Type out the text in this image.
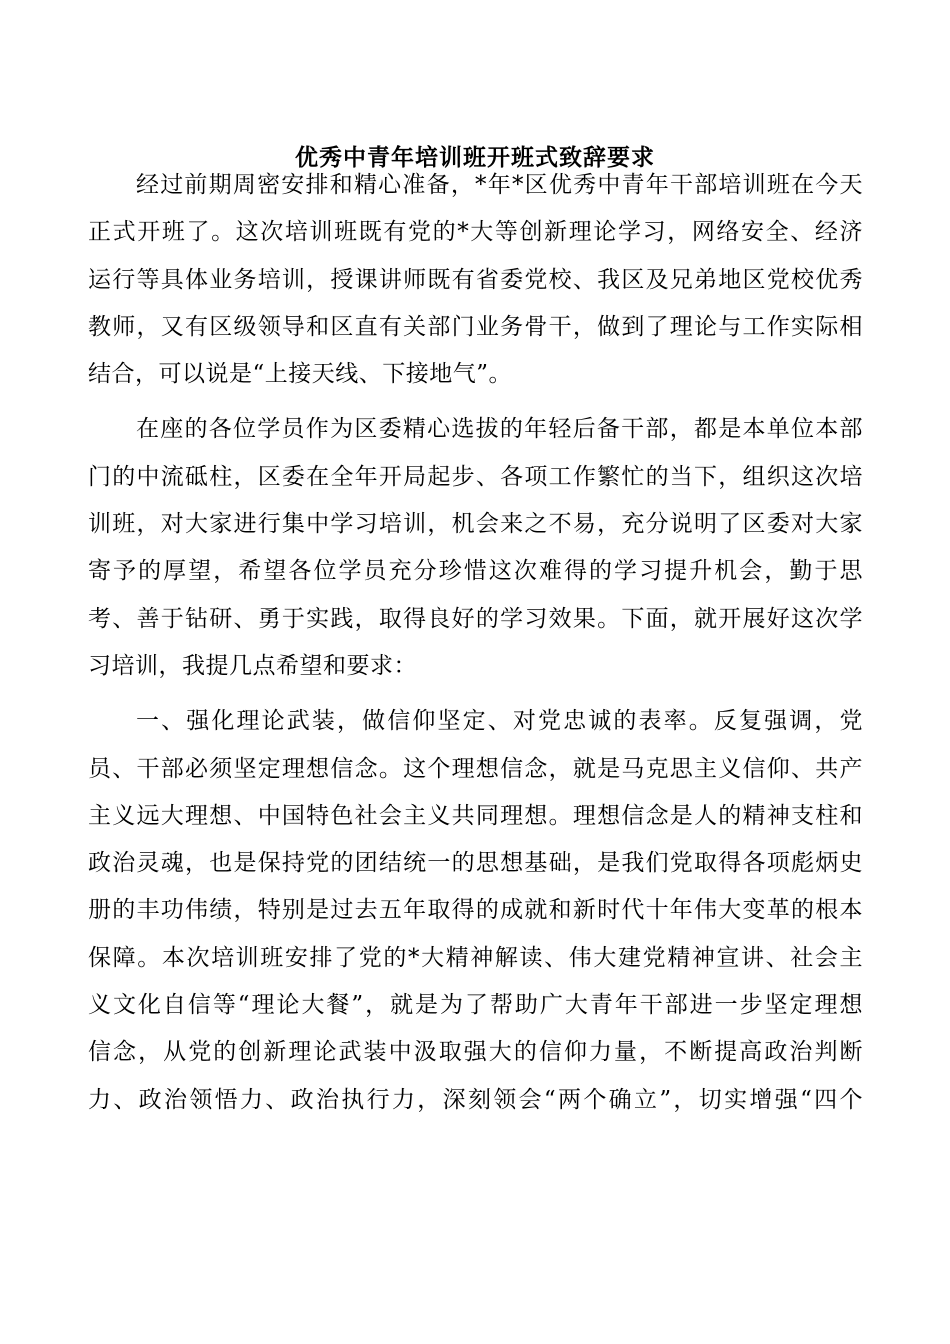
优秀中青年培训班开班式致辞要求
经过前期周密安排和精心准备，*年*区优秀中青年干部培训班在今天
正式开班了。这次培训班既有党的*大等创新理论学习，网络安全、经济
运行等具体业务培训，授课讲师既有省委党校、我区及兄弟地区党校优秀
教师，又有区级领导和区直有关部门业务骨干，做到了理论与工作实际相
结合，可以说是“上接天线、下接地气”。
在座的各位学员作为区委精心选拔的年轻后备干部，都是本单位本部
门的中流砥柱，区委在全年开局起步、各项工作繁忙的当下，组织这次培
训班，对大家进行集中学习培训，机会来之不易，充分说明了区委对大家
寄予的厚望，希望各位学员充分珍惜这次难得的学习提升机会，勤于思
考、善于钻研、勇于实践，取得良好的学习效果。下面，就开展好这次学
习培训，我提几点希望和要求：
一、强化理论武装，做信仰坚定、对党忠诚的表率。反复强调，党
员、干部必须坚定理想信念。这个理想信念，就是马克思主义信仰、共产
主义远大理想、中国特色社会主义共同理想。理想信念是人的精神支柱和
政治灵魂，也是保持党的团结统一的思想基础，是我们党取得各项彪炳史
册的丰功伟绩，特别是过去五年取得的成就和新时代十年伟大变革的根本
保障。本次培训班安排了党的*大精神解读、伟大建党精神宣讲、社会主
义文化自信等“理论大餐”，就是为了帮助广大青年干部进一步坚定理想
信念，从党的创新理论武装中汲取强大的信仰力量，不断提高政治判断
力、政治领悟力、政治执行力，深刻领会“两个确立”，切实增强“四个
